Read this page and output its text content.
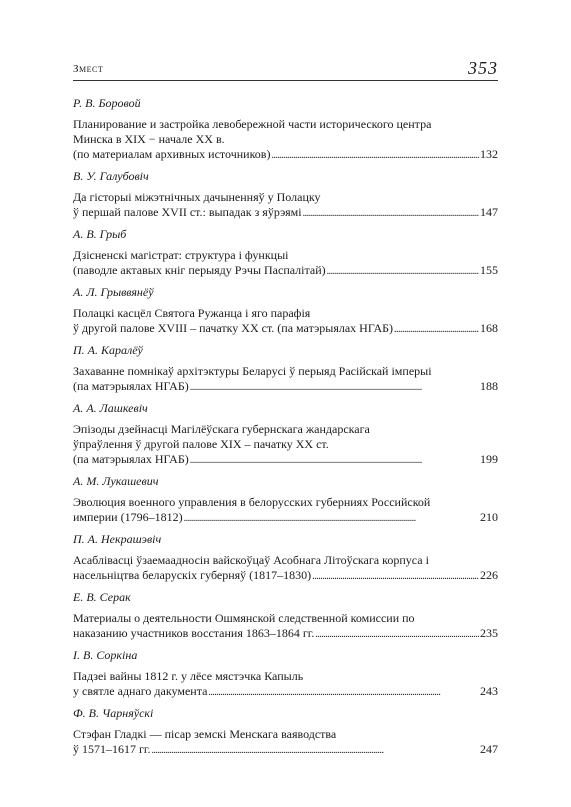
Змест	353
Р. В. Боровой
Планирование и застройка левобережной части исторического центра
Минска в XIX − начале XX в.
(по материалам архивных источников) . . .	132
В. У. Галубовіч
Да гісторыі міжэтнічных дачыненняў у Полацку
ў першай палове XVII ст.: выпадак з яўрэямі . . .	147
А. В. Грыб
Дзісненскі магістрат: структура і функцыі
(паводле актавых кніг перыяду Рэчы Паспалітай) . . .	155
А. Л. Грыввянёў
Полацкі касцёл Святога Ружанца і яго парафія
ў другой палове XVIII – пачатку XX ст. (па матэрыялах НГАБ) . . .	168
П. А. Каралёў
Захаванне помнікаў архітэктуры Беларусі ў перыяд Расійскай імперыі
(па матэрыялах НГАБ) . . .	188
А. А. Лашкевіч
Эпізоды дзейнасці Магілёўскага губернскага жандарскага
ўпраўлення ў другой палове XIX – пачатку XX ст.
(па матэрыялах НГАБ) . . .	199
А. М. Лукашевич
Эволюция военного управления в белорусских губерниях Российской
империи (1796–1812) . . .	210
П. А. Некрашэвіч
Асаблівасці ўзаемаадносін вайскоўцаў Асобнага Літоўскага корпуса і
насельніцтва беларускіх губерняў (1817–1830) . . .	226
Е. В. Серак
Материалы о деятельности Ошмянской следственной комиссии по
наказанию участников восстания 1863–1864 гг. . . .	235
І. В. Соркіна
Падзеі вайны 1812 г. у лёсе мястэчка Капыль
у святле аднаго дакумента . . .	243
Ф. В. Чарняўскі
Стэфан Гладкі — пісар земскі Менскага ваяводства
ў 1571–1617 гг. . . .	247
